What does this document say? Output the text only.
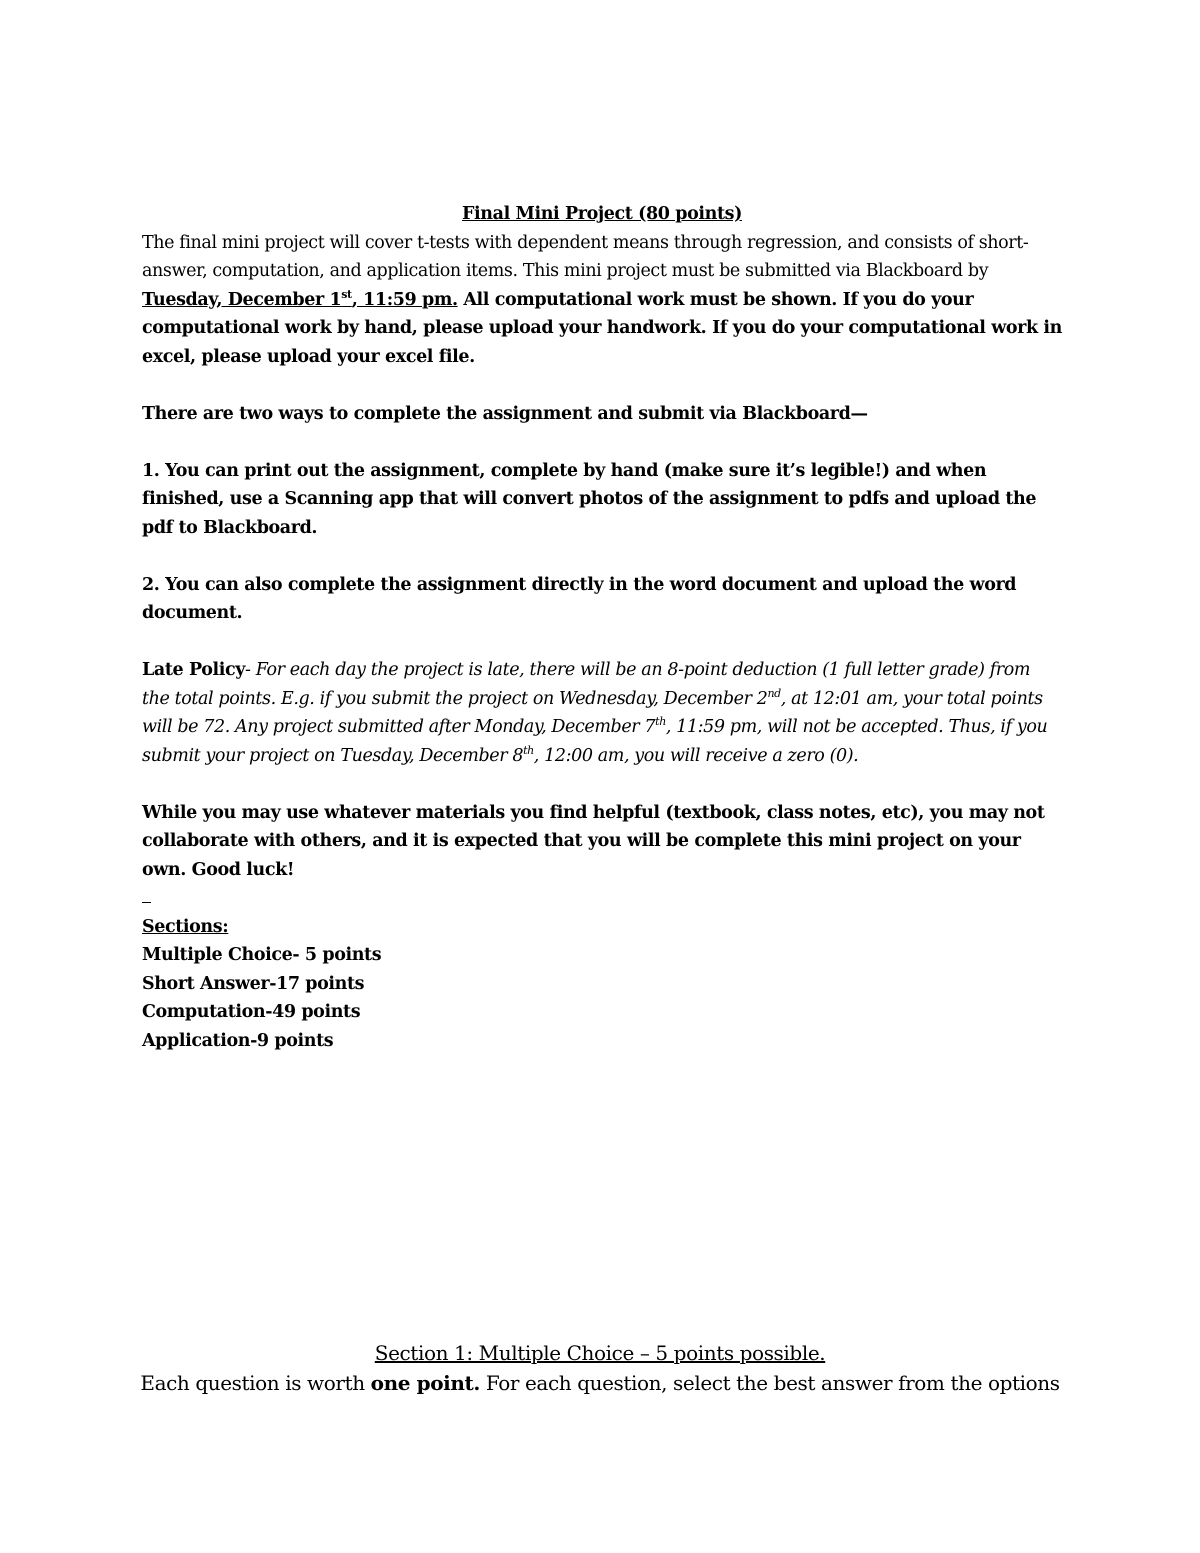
Final Mini Project (80 points)

The final mini project will cover t-tests with dependent means through regression, and consists of short-answer, computation, and application items. This mini project must be submitted via Blackboard by Tuesday, December 1st, 11:59 pm. All computational work must be shown. If you do your computational work by hand, please upload your handwork. If you do your computational work in excel, please upload your excel file.

There are two ways to complete the assignment and submit via Blackboard—

1. You can print out the assignment, complete by hand (make sure it’s legible!) and when finished, use a Scanning app that will convert photos of the assignment to pdfs and upload the pdf to Blackboard.

2. You can also complete the assignment directly in the word document and upload the word document.

Late Policy- For each day the project is late, there will be an 8-point deduction (1 full letter grade) from the total points. E.g. if you submit the project on Wednesday, December 2nd, at 12:01 am, your total points will be 72. Any project submitted after Monday, December 7th, 11:59 pm, will not be accepted. Thus, if you submit your project on Tuesday, December 8th, 12:00 am, you will receive a zero (0).

While you may use whatever materials you find helpful (textbook, class notes, etc), you may not collaborate with others, and it is expected that you will be complete this mini project on your own. Good luck!

Sections:

Multiple Choice- 5 points

Short Answer-17 points

Computation-49 points

Application-9 points

Section 1: Multiple Choice – 5 points possible.

Each question is worth one point. For each question, select the best answer from the options
